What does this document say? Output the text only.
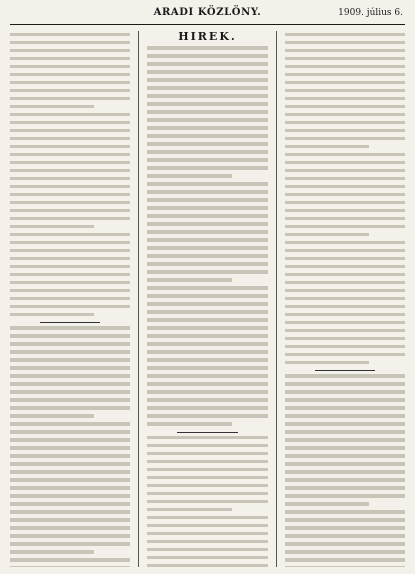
ARADI KÖZLÖNY.	1909. július 6.
HÍREK.
